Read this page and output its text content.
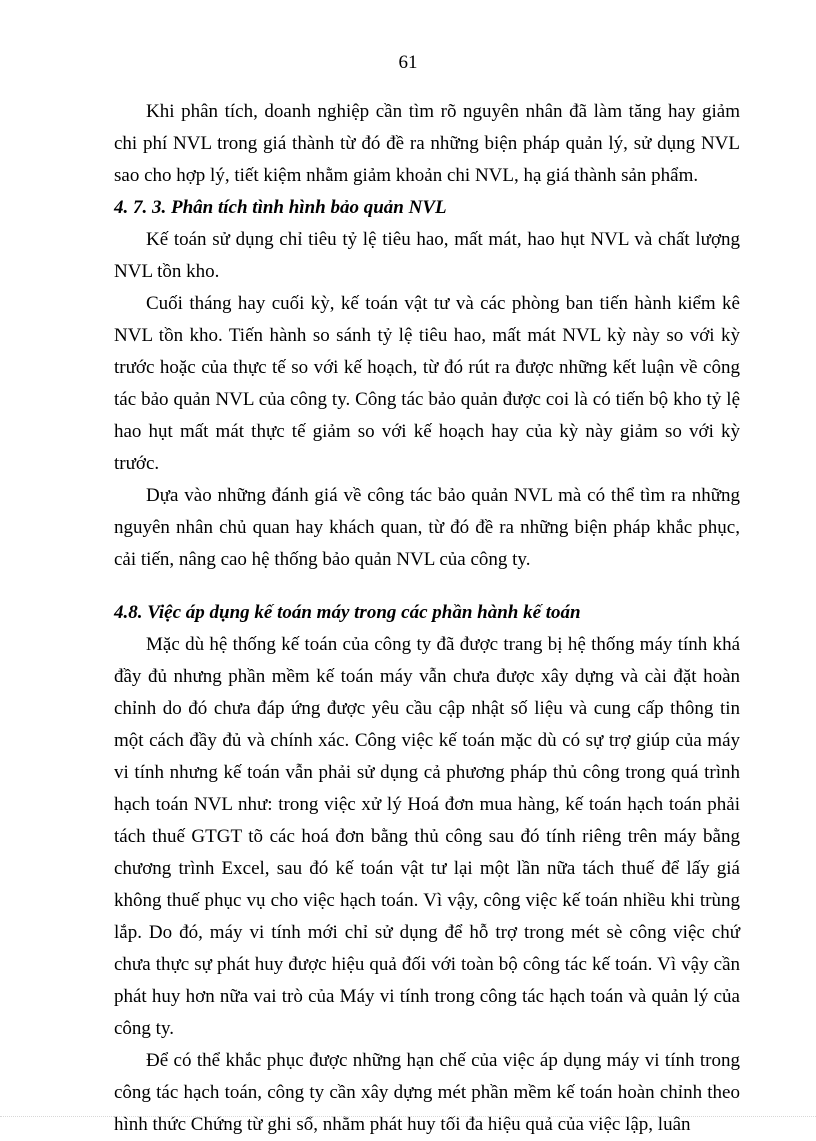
61

Khi phân tích, doanh nghiệp cần tìm rõ nguyên nhân đã làm tăng hay giảm chi phí NVL trong giá thành từ đó đề ra những biện pháp quản lý, sử dụng NVL sao cho hợp lý, tiết kiệm nhằm giảm khoản chi NVL, hạ giá thành sản phẩm.

4. 7. 3. Phân tích tình hình bảo quản NVL

Kế toán sử dụng chỉ tiêu tỷ lệ tiêu hao, mất mát, hao hụt NVL và chất lượng NVL tồn kho.

Cuối tháng hay cuối kỳ, kế toán vật tư và các phòng ban tiến hành kiểm kê NVL tồn kho. Tiến hành so sánh tỷ lệ tiêu hao, mất mát NVL kỳ này so với kỳ trước hoặc của thực tế so với kế hoạch, từ đó rút ra được những kết luận về công tác bảo quản NVL của công ty. Công tác bảo quản được coi là có tiến bộ kho tỷ lệ hao hụt mất mát thực tế giảm so với kế hoạch hay của kỳ này giảm so với kỳ trước.

Dựa vào những đánh giá về công tác bảo quản NVL mà có thể tìm ra những nguyên nhân chủ quan hay khách quan, từ đó đề ra những biện pháp khắc phục, cải tiến, nâng cao hệ thống bảo quản NVL của công ty.

4.8. Việc áp dụng kế toán máy trong các phần hành kế toán

Mặc dù hệ thống kế toán của công ty đã được trang bị hệ thống máy tính khá đầy đủ nhưng phần mềm kế toán máy vẫn chưa được xây dựng và cài đặt hoàn chỉnh do đó chưa đáp ứng được yêu cầu cập nhật số liệu và cung cấp thông tin một cách đầy đủ và chính xác. Công việc kế toán mặc dù có sự trợ giúp của máy vi tính nhưng kế toán vẫn phải sử dụng cả phương pháp thủ công trong quá trình hạch toán NVL như: trong việc xử lý Hoá đơn mua hàng, kế toán hạch toán phải tách thuế GTGT tõ các hoá đơn bằng thủ công sau đó tính riêng trên máy bằng chương trình Excel, sau đó kế toán vật tư lại một lần nữa tách thuế để lấy giá không thuế phục vụ cho việc hạch toán. Vì vậy, công việc kế toán nhiều khi trùng lắp. Do đó, máy vi tính mới chỉ sử dụng để hỗ trợ trong mét sè công việc chứ chưa thực sự phát huy được hiệu quả đối với toàn bộ công tác kế toán. Vì vậy cần phát huy hơn nữa vai trò của Máy vi tính trong công tác hạch toán và quản lý của công ty.

Để có thể khắc phục được những hạn chế của việc áp dụng máy vi tính trong công tác hạch toán, công ty cần xây dựng mét phần mềm kế toán hoàn chỉnh theo hình thức Chứng từ ghi sổ, nhằm phát huy tối đa hiệu quả của việc lập, luân
